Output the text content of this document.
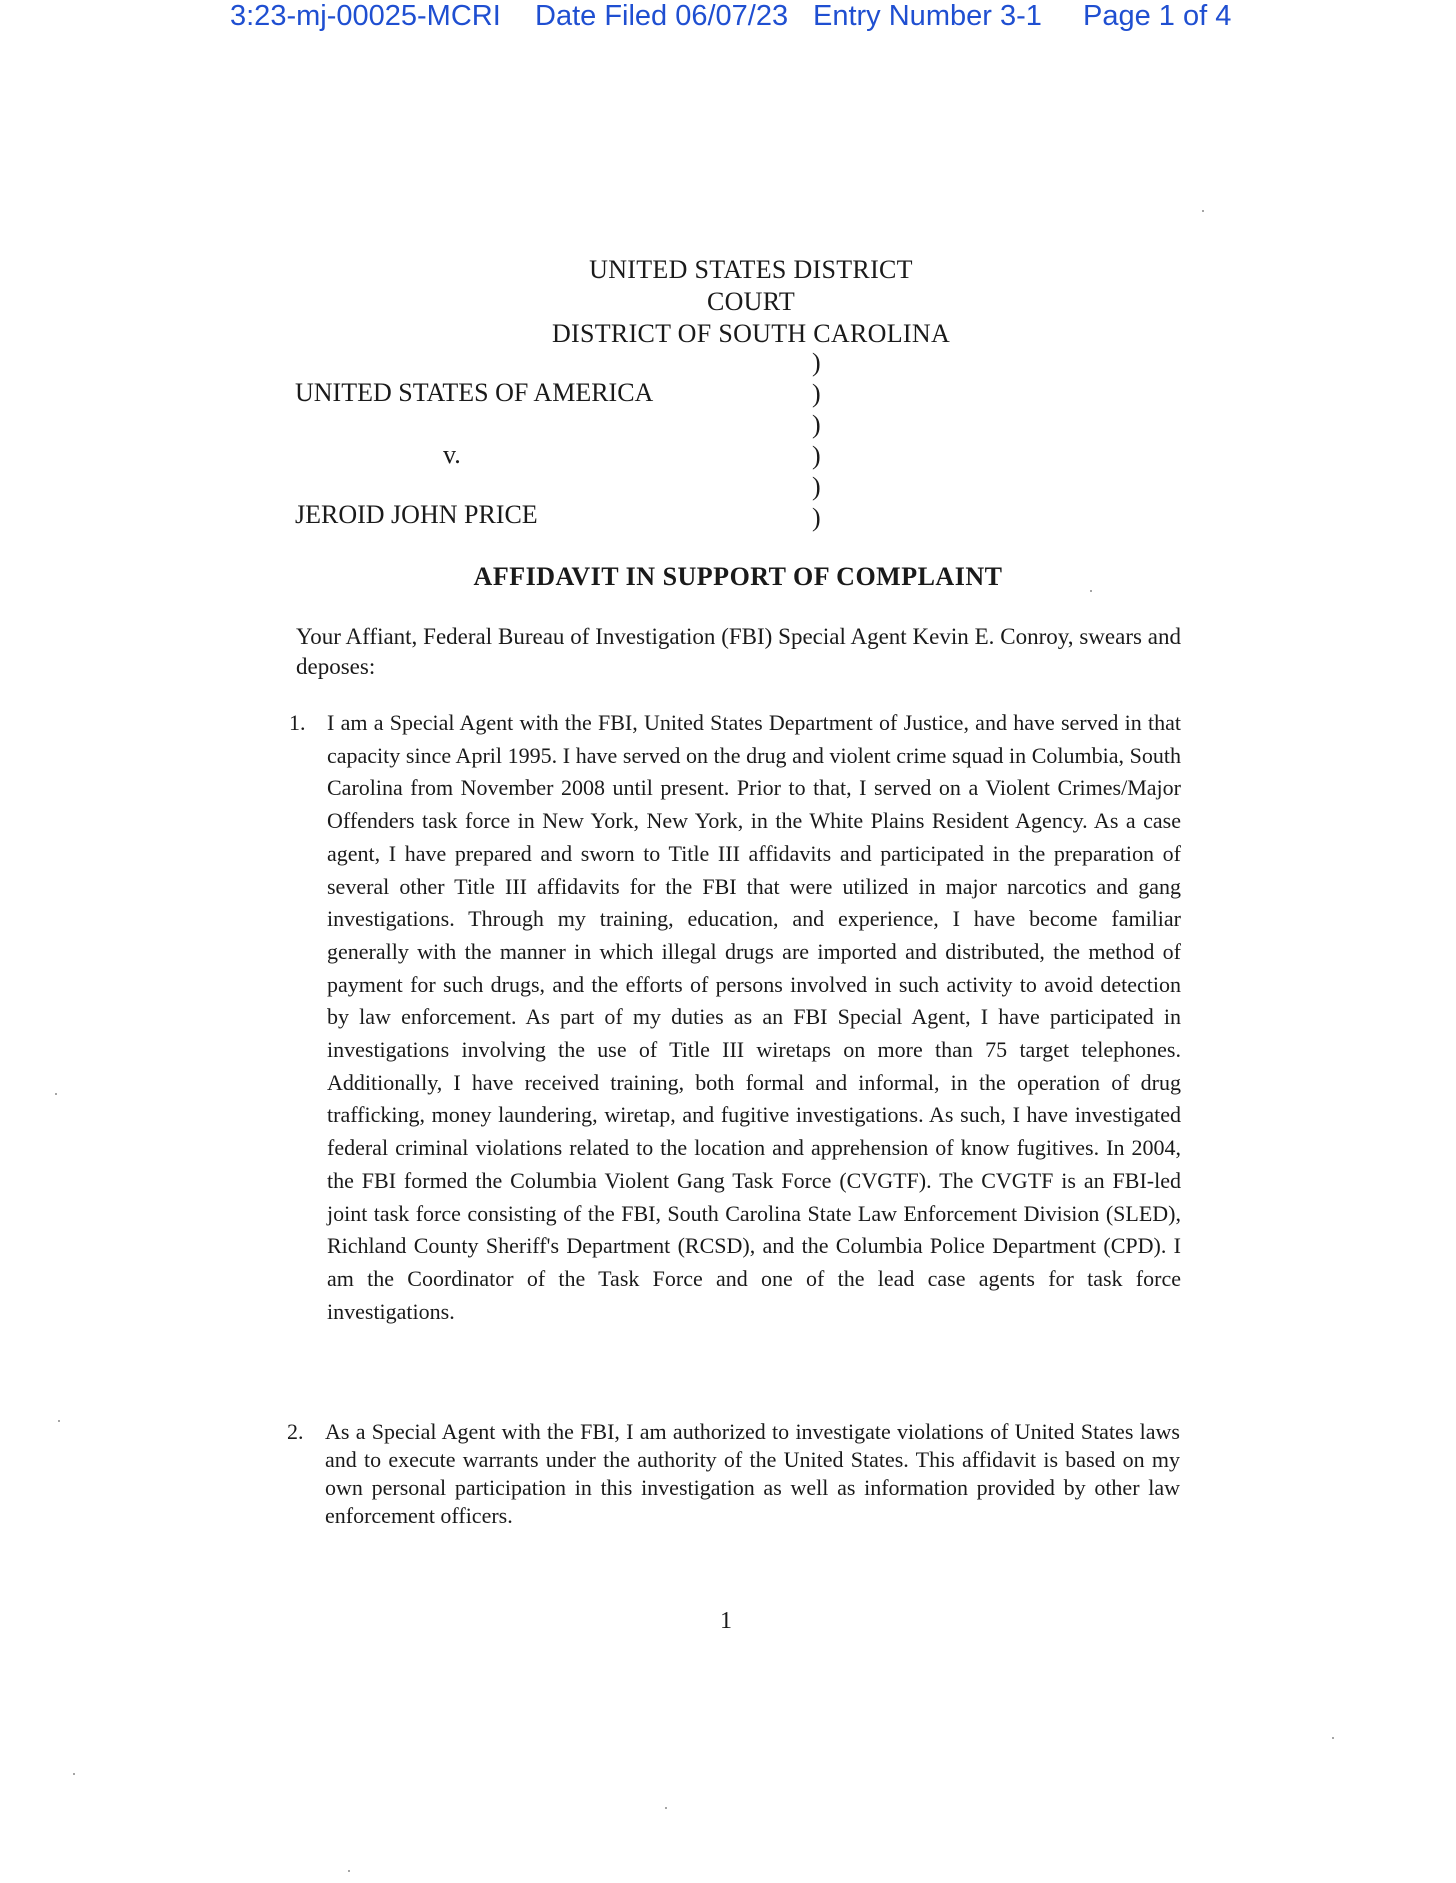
3:23-mj-00025-MCRI Date Filed 06/07/23 Entry Number 3-1 Page 1 of 4
UNITED STATES DISTRICT COURT
DISTRICT OF SOUTH CAROLINA
UNITED STATES OF AMERICA
v.
JEROID JOHN PRICE
)
)
)
)
)
)
AFFIDAVIT IN SUPPORT OF COMPLAINT
Your Affiant, Federal Bureau of Investigation (FBI) Special Agent Kevin E. Conroy, swears and deposes:
1. I am a Special Agent with the FBI, United States Department of Justice, and have served in that capacity since April 1995. I have served on the drug and violent crime squad in Columbia, South Carolina from November 2008 until present. Prior to that, I served on a Violent Crimes/Major Offenders task force in New York, New York, in the White Plains Resident Agency. As a case agent, I have prepared and sworn to Title III affidavits and participated in the preparation of several other Title III affidavits for the FBI that were utilized in major narcotics and gang investigations. Through my training, education, and experience, I have become familiar generally with the manner in which illegal drugs are imported and distributed, the method of payment for such drugs, and the efforts of persons involved in such activity to avoid detection by law enforcement. As part of my duties as an FBI Special Agent, I have participated in investigations involving the use of Title III wiretaps on more than 75 target telephones. Additionally, I have received training, both formal and informal, in the operation of drug trafficking, money laundering, wiretap, and fugitive investigations. As such, I have investigated federal criminal violations related to the location and apprehension of know fugitives. In 2004, the FBI formed the Columbia Violent Gang Task Force (CVGTF). The CVGTF is an FBI-led joint task force consisting of the FBI, South Carolina State Law Enforcement Division (SLED), Richland County Sheriff's Department (RCSD), and the Columbia Police Department (CPD). I am the Coordinator of the Task Force and one of the lead case agents for task force investigations.
2. As a Special Agent with the FBI, I am authorized to investigate violations of United States laws and to execute warrants under the authority of the United States. This affidavit is based on my own personal participation in this investigation as well as information provided by other law enforcement officers.
1
